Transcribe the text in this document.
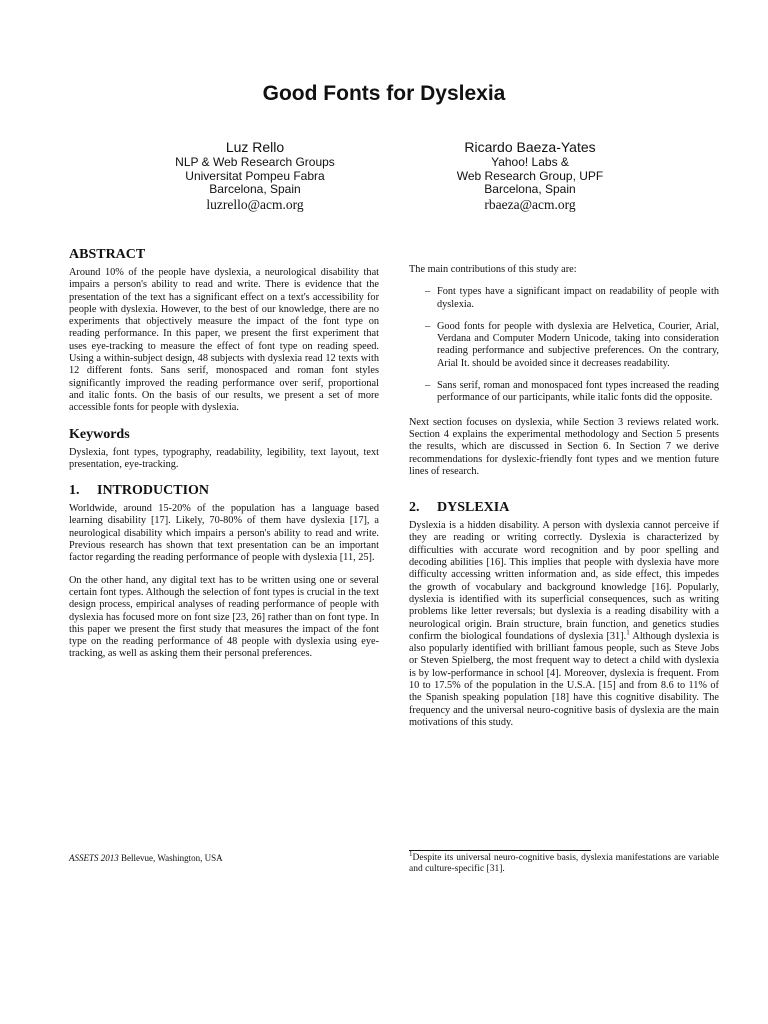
Good Fonts for Dyslexia
Luz Rello
NLP & Web Research Groups
Universitat Pompeu Fabra
Barcelona, Spain
luzrello@acm.org
Ricardo Baeza-Yates
Yahoo! Labs &
Web Research Group, UPF
Barcelona, Spain
rbaeza@acm.org
ABSTRACT

Around 10% of the people have dyslexia, a neurological disability that impairs a person's ability to read and write. There is evidence that the presentation of the text has a significant effect on a text's accessibility for people with dyslexia. However, to the best of our knowledge, there are no experiments that objectively measure the impact of the font type on reading performance. In this paper, we present the first experiment that uses eye-tracking to measure the effect of font type on reading speed. Using a within-subject design, 48 subjects with dyslexia read 12 texts with 12 different fonts. Sans serif, monospaced and roman font styles significantly improved the reading performance over serif, proportional and italic fonts. On the basis of our results, we present a set of more accessible fonts for people with dyslexia.

Keywords

Dyslexia, font types, typography, readability, legibility, text layout, text presentation, eye-tracking.

1. INTRODUCTION

Worldwide, around 15-20% of the population has a language based learning disability [17]. Likely, 70-80% of them have dyslexia [17], a neurological disability which impairs a person's ability to read and write. Previous research has shown that text presentation can be an important factor regarding the reading performance of people with dyslexia [11, 25].

On the other hand, any digital text has to be written using one or several certain font types. Although the selection of font types is crucial in the text design process, empirical analyses of reading performance of people with dyslexia has focused more on font size [23, 26] rather than on font type. In this paper we present the first study that measures the impact of the font type on the reading performance of 48 people with dyslexia using eye-tracking, as well as asking them their personal preferences.

ASSETS 2013 Bellevue, Washington, USA

The main contributions of this study are:

– Font types have a significant impact on readability of people with dyslexia.
– Good fonts for people with dyslexia are Helvetica, Courier, Arial, Verdana and Computer Modern Unicode, taking into consideration reading performance and subjective preferences. On the contrary, Arial It. should be avoided since it decreases readability.
– Sans serif, roman and monospaced font types increased the reading performance of our participants, while italic fonts did the opposite.

Next section focuses on dyslexia, while Section 3 reviews related work. Section 4 explains the experimental methodology and Section 5 presents the results, which are discussed in Section 6. In Section 7 we derive recommendations for dyslexic-friendly font types and we mention future lines of research.

2. DYSLEXIA

Dyslexia is a hidden disability. A person with dyslexia cannot perceive if they are reading or writing correctly. Dyslexia is characterized by difficulties with accurate word recognition and by poor spelling and decoding abilities [16]. This implies that people with dyslexia have more difficulty accessing written information and, as side effect, this impedes the growth of vocabulary and background knowledge [16]. Popularly, dyslexia is identified with its superficial consequences, such as writing problems like letter reversals; but dyslexia is a reading disability with a neurological origin. Brain structure, brain function, and genetics studies confirm the biological foundations of dyslexia [31].$^1$ Although dyslexia is also popularly identified with brilliant famous people, such as Steve Jobs or Steven Spielberg, the most frequent way to detect a child with dyslexia is by low-performance in school [4]. Moreover, dyslexia is frequent. From 10 to 17.5% of the population in the U.S.A. [15] and from 8.6 to 11% of the Spanish speaking population [18] have this cognitive disability. The frequency and the universal neuro-cognitive basis of dyslexia are the main motivations of this study.

$^1$Despite its universal neuro-cognitive basis, dyslexia manifestations are variable and culture-specific [31].
